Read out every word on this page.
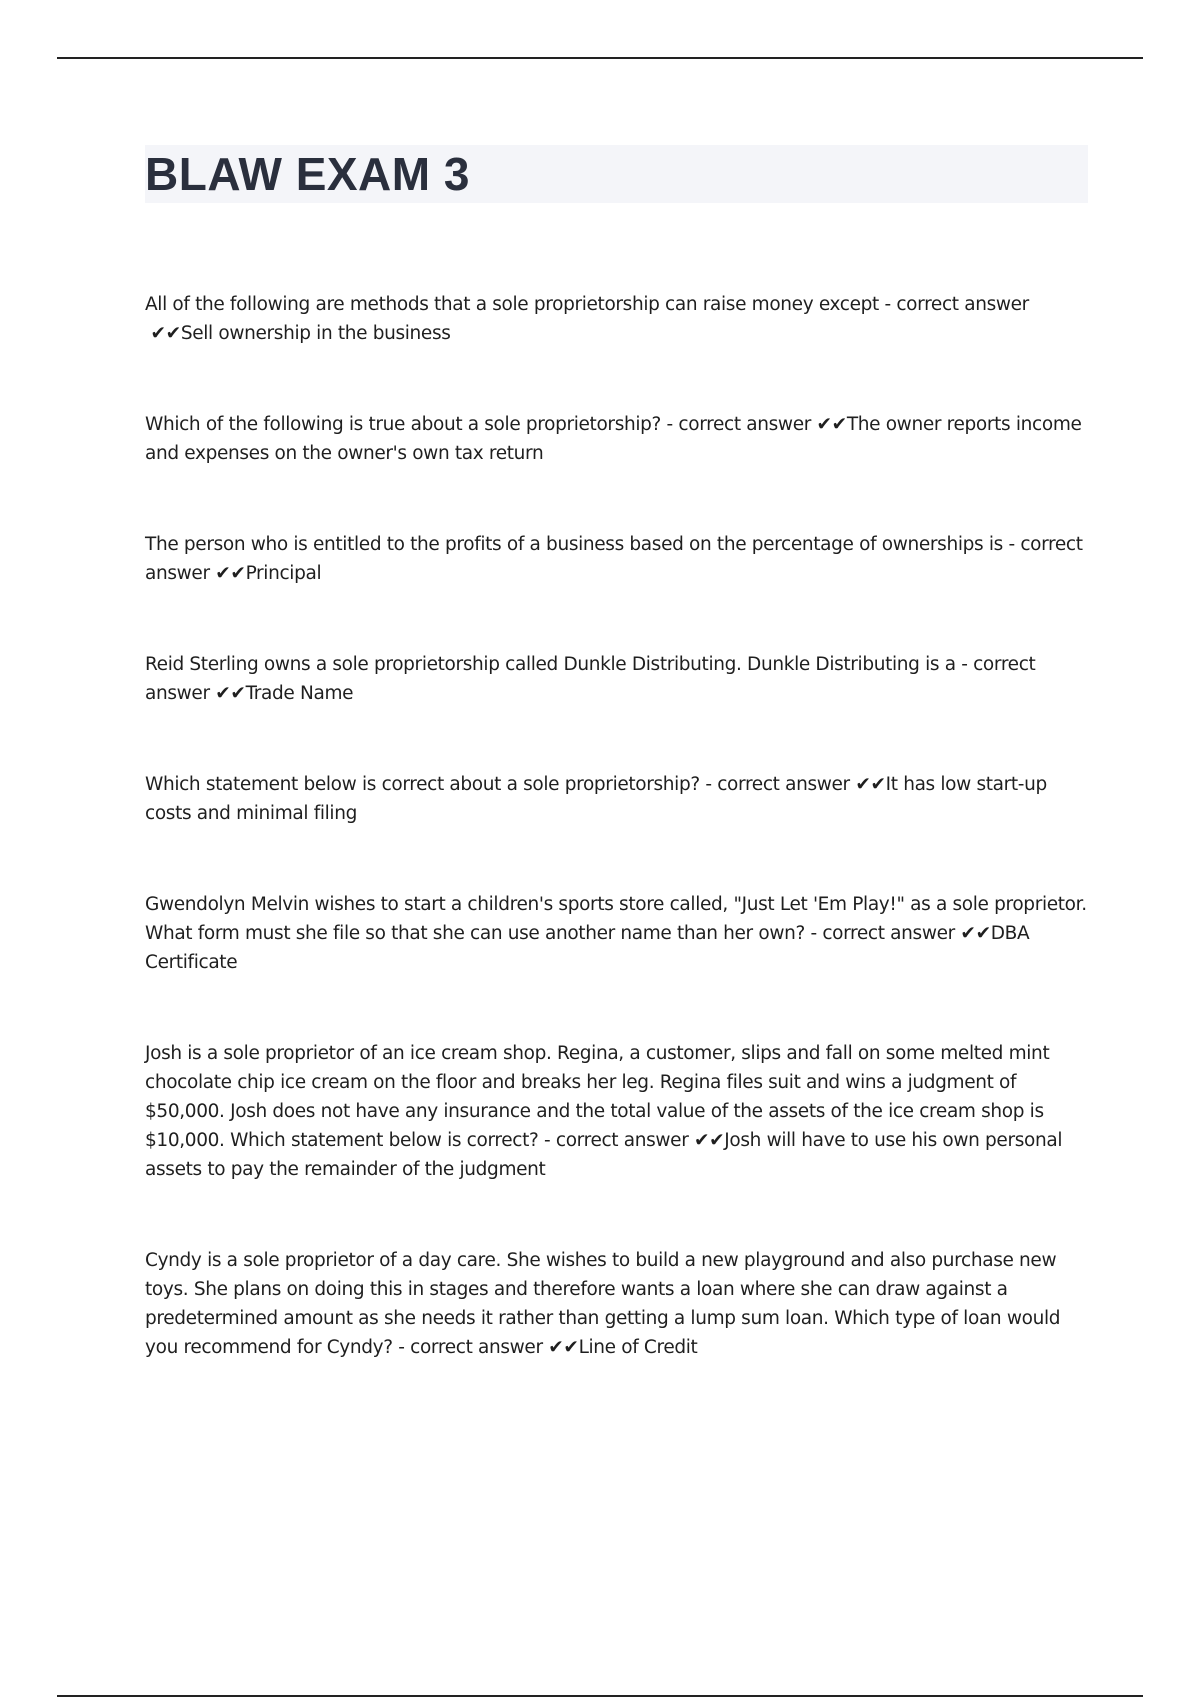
BLAW EXAM 3

All of the following are methods that a sole proprietorship can raise money except - correct answer ✔✔Sell ownership in the business

Which of the following is true about a sole proprietorship? - correct answer ✔✔The owner reports income and expenses on the owner's own tax return

The person who is entitled to the profits of a business based on the percentage of ownerships is - correct answer ✔✔Principal

Reid Sterling owns a sole proprietorship called Dunkle Distributing. Dunkle Distributing is a - correct answer ✔✔Trade Name

Which statement below is correct about a sole proprietorship? - correct answer ✔✔It has low start-up costs and minimal filing

Gwendolyn Melvin wishes to start a children's sports store called, "Just Let 'Em Play!" as a sole proprietor. What form must she file so that she can use another name than her own? - correct answer ✔✔DBA Certificate

Josh is a sole proprietor of an ice cream shop. Regina, a customer, slips and fall on some melted mint chocolate chip ice cream on the floor and breaks her leg. Regina files suit and wins a judgment of $50,000. Josh does not have any insurance and the total value of the assets of the ice cream shop is $10,000. Which statement below is correct? - correct answer ✔✔Josh will have to use his own personal assets to pay the remainder of the judgment

Cyndy is a sole proprietor of a day care. She wishes to build a new playground and also purchase new toys. She plans on doing this in stages and therefore wants a loan where she can draw against a predetermined amount as she needs it rather than getting a lump sum loan. Which type of loan would you recommend for Cyndy? - correct answer ✔✔Line of Credit
